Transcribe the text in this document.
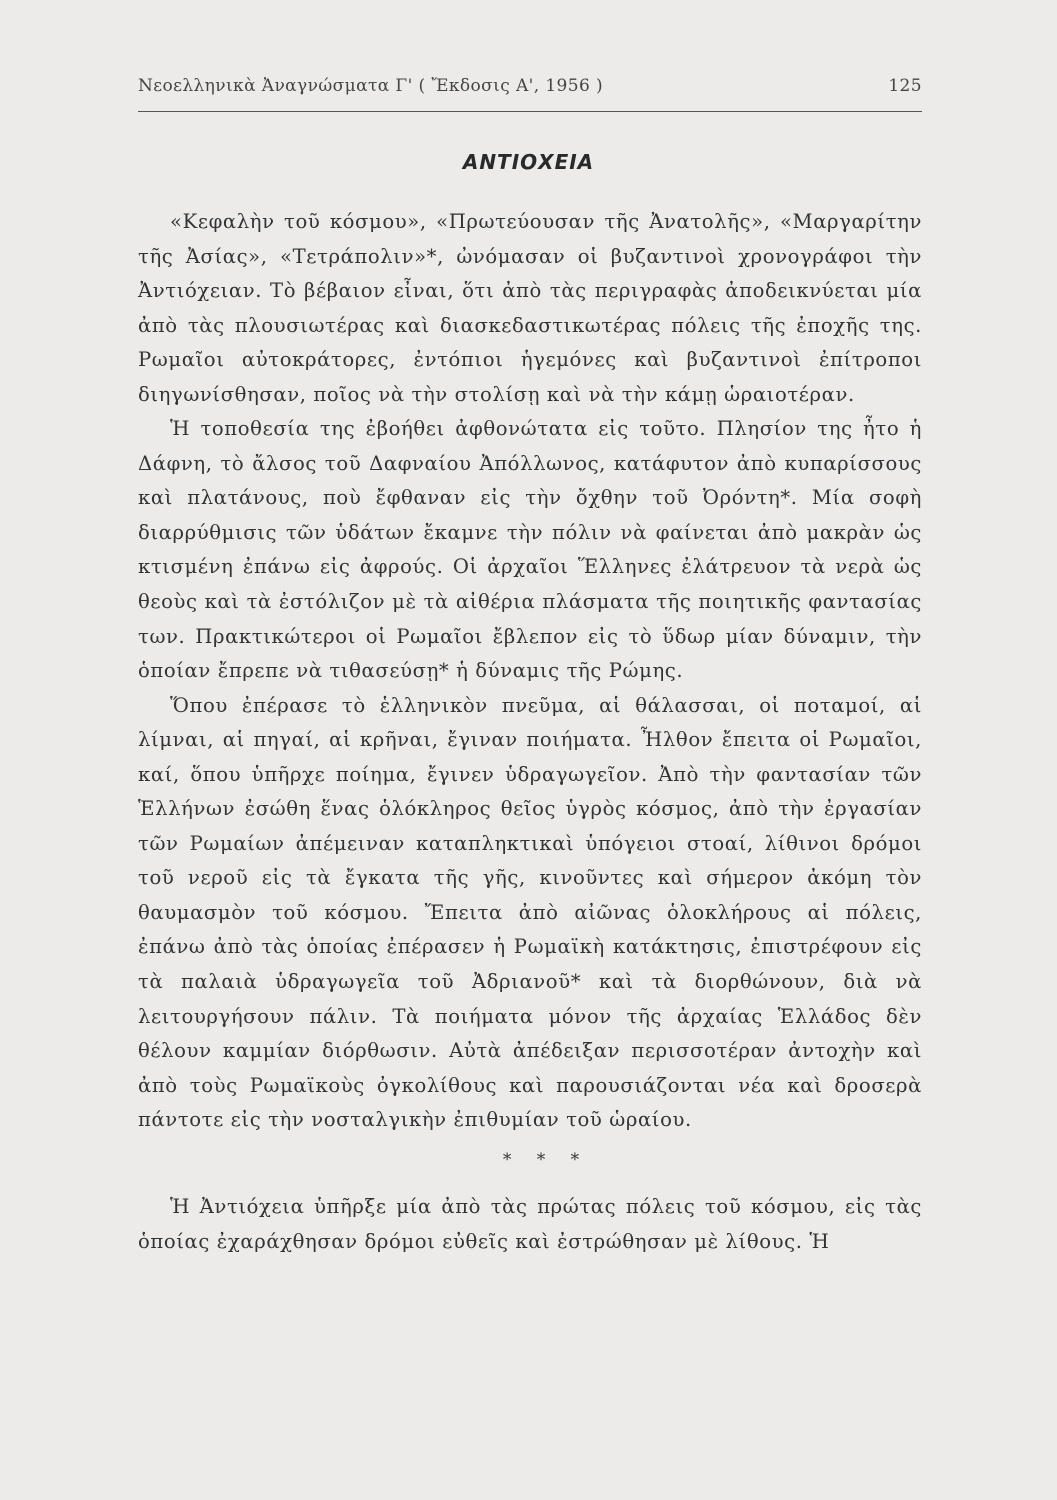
Νεοελληνικὰ Ἀναγνώσματα Γ' ( Ἔκδοσις Α', 1956 )	125
ΑΝΤΙΟΧΕΙΑ

«Κεφαλὴν τοῦ κόσμου», «Πρωτεύουσαν τῆς Ἀνατολῆς», «Μαργαρίτην τῆς Ἀσίας», «Τετράπολιν»*, ὠνόμασαν οἱ βυζαντινοὶ χρονογράφοι τὴν Ἀντιόχειαν. Τὸ βέβαιον εἶναι, ὅτι ἀπὸ τὰς περιγραφὰς ἀποδεικνύεται μία ἀπὸ τὰς πλουσιωτέρας καὶ διασκεδαστικωτέρας πόλεις τῆς ἐποχῆς της. Ρωμαῖοι αὐτοκράτορες, ἐντόπιοι ἡγεμόνες καὶ βυζαντινοὶ ἐπίτροποι διηγωνίσθησαν, ποῖος νὰ τὴν στολίσῃ καὶ νὰ τὴν κάμῃ ὡραιοτέραν.

Ἡ τοποθεσία της ἐβοήθει ἀφθονώτατα εἰς τοῦτο. Πλησίον της ἦτο ἡ Δάφνη, τὸ ἄλσος τοῦ Δαφναίου Ἀπόλλωνος, κατάφυτον ἀπὸ κυπαρίσσους καὶ πλατάνους, ποὺ ἔφθαναν εἰς τὴν ὄχθην τοῦ Ὀρόντη*. Μία σοφὴ διαρρύθμισις τῶν ὑδάτων ἔκαμνε τὴν πόλιν νὰ φαίνεται ἀπὸ μακρὰν ὡς κτισμένη ἐπάνω εἰς ἀφρούς. Οἱ ἀρχαῖοι Ἕλληνες ἐλάτρευον τὰ νερὰ ὡς θεοὺς καὶ τὰ ἐστόλιζον μὲ τὰ αἰθέρια πλάσματα τῆς ποιητικῆς φαντασίας των. Πρακτικώτεροι οἱ Ρωμαῖοι ἔβλεπον εἰς τὸ ὕδωρ μίαν δύναμιν, τὴν ὁποίαν ἔπρεπε νὰ τιθασεύσῃ* ἡ δύναμις τῆς Ρώμης.

Ὅπου ἐπέρασε τὸ ἑλληνικὸν πνεῦμα, αἱ θάλασσαι, οἱ ποταμοί, αἱ λίμναι, αἱ πηγαί, αἱ κρῆναι, ἔγιναν ποιήματα. Ἦλθον ἔπειτα οἱ Ρωμαῖοι, καί, ὅπου ὑπῆρχε ποίημα, ἔγινεν ὑδραγωγεῖον. Ἀπὸ τὴν φαντασίαν τῶν Ἑλλήνων ἐσώθη ἕνας ὁλόκληρος θεῖος ὑγρὸς κόσμος, ἀπὸ τὴν ἐργασίαν τῶν Ρωμαίων ἀπέμειναν καταπληκτικαὶ ὑπόγειοι στοαί, λίθινοι δρόμοι τοῦ νεροῦ εἰς τὰ ἔγκατα τῆς γῆς, κινοῦντες καὶ σήμερον ἀκόμη τὸν θαυμασμὸν τοῦ κόσμου. Ἔπειτα ἀπὸ αἰῶνας ὁλοκλήρους αἱ πόλεις, ἐπάνω ἀπὸ τὰς ὁποίας ἐπέρασεν ἡ Ρωμαϊκὴ κατάκτησις, ἐπιστρέφουν εἰς τὰ παλαιὰ ὑδραγωγεῖα τοῦ Ἀδριανοῦ* καὶ τὰ διορθώνουν, διὰ νὰ λειτουργήσουν πάλιν. Τὰ ποιήματα μόνον τῆς ἀρχαίας Ἑλλάδος δὲν θέλουν καμμίαν διόρθωσιν. Αὐτὰ ἀπέδειξαν περισσοτέραν ἀντοχὴν καὶ ἀπὸ τοὺς Ρωμαϊκοὺς ὀγκολίθους καὶ παρουσιάζονται νέα καὶ δροσερὰ πάντοτε εἰς τὴν νοσταλγικὴν ἐπιθυμίαν τοῦ ὡραίου.

* * *

Ἡ Ἀντιόχεια ὑπῆρξε μία ἀπὸ τὰς πρώτας πόλεις τοῦ κόσμου, εἰς τὰς ὁποίας ἐχαράχθησαν δρόμοι εὐθεῖς καὶ ἐστρώθησαν μὲ λίθους. Ἡ
